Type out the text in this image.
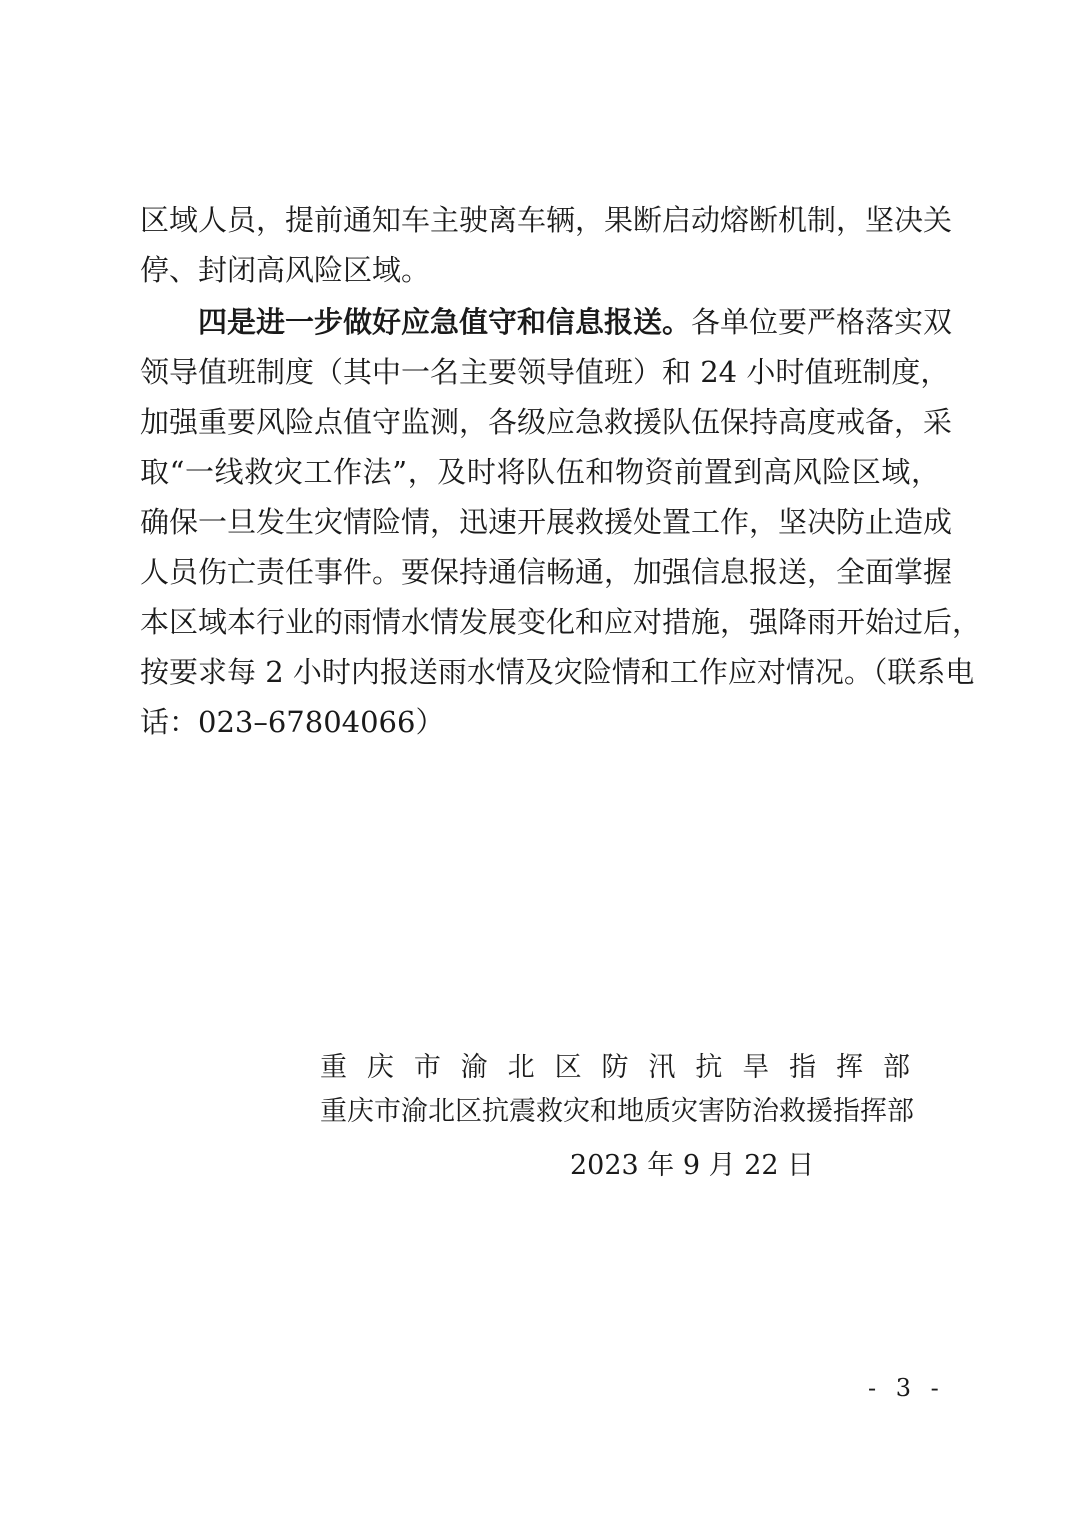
区域人员，提前通知车主驶离车辆，果断启动熔断机制，坚决关
停、封闭高风险区域。
四是进一步做好应急值守和信息报送。各单位要严格落实双
领导值班制度（其中一名主要领导值班）和 24 小时值班制度，
加强重要风险点值守监测，各级应急救援队伍保持高度戒备，采
取“一线救灾工作法”，及时将队伍和物资前置到高风险区域，
确保一旦发生灾情险情，迅速开展救援处置工作，坚决防止造成
人员伤亡责任事件。要保持通信畅通，加强信息报送，全面掌握
本区域本行业的雨情水情发展变化和应对措施，强降雨开始过后，
按要求每 2 小时内报送雨水情及灾险情和工作应对情况。（联系电
话：023–67804066）
重庆市渝北区防汛抗旱指挥部
重庆市渝北区抗震救灾和地质灾害防治救援指挥部
2023 年 9 月 22 日
- 3 -
